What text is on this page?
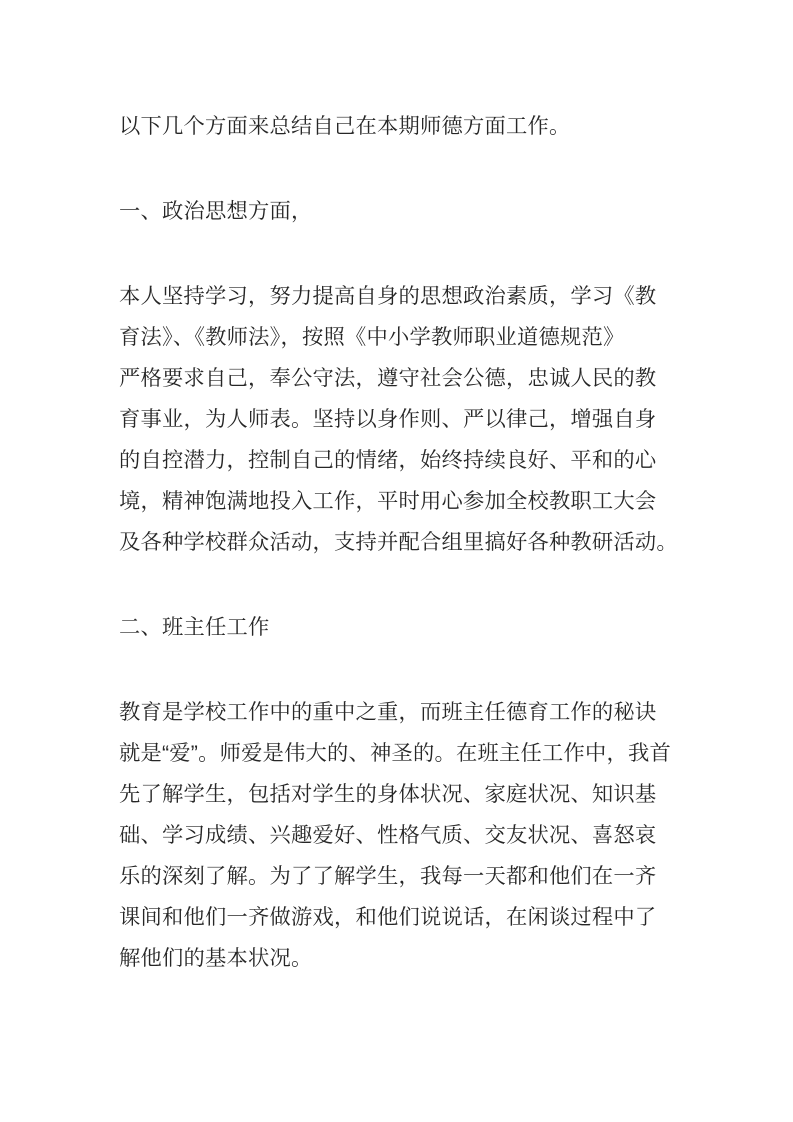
以下几个方面来总结自己在本期师德方面工作。
一、政治思想方面，
本人坚持学习，努力提高自身的思想政治素质，学习《教
育法》、《教师法》，按照《中小学教师职业道德规范》
严格要求自己，奉公守法，遵守社会公德，忠诚人民的教
育事业，为人师表。坚持以身作则、严以律己，增强自身
的自控潜力，控制自己的情绪，始终持续良好、平和的心
境，精神饱满地投入工作，平时用心参加全校教职工大会
及各种学校群众活动，支持并配合组里搞好各种教研活动。
二、班主任工作
教育是学校工作中的重中之重，而班主任德育工作的秘诀
就是“爱”。师爱是伟大的、神圣的。在班主任工作中，我首
先了解学生，包括对学生的身体状况、家庭状况、知识基
础、学习成绩、兴趣爱好、性格气质、交友状况、喜怒哀
乐的深刻了解。为了了解学生，我每一天都和他们在一齐
课间和他们一齐做游戏，和他们说说话，在闲谈过程中了
解他们的基本状况。
